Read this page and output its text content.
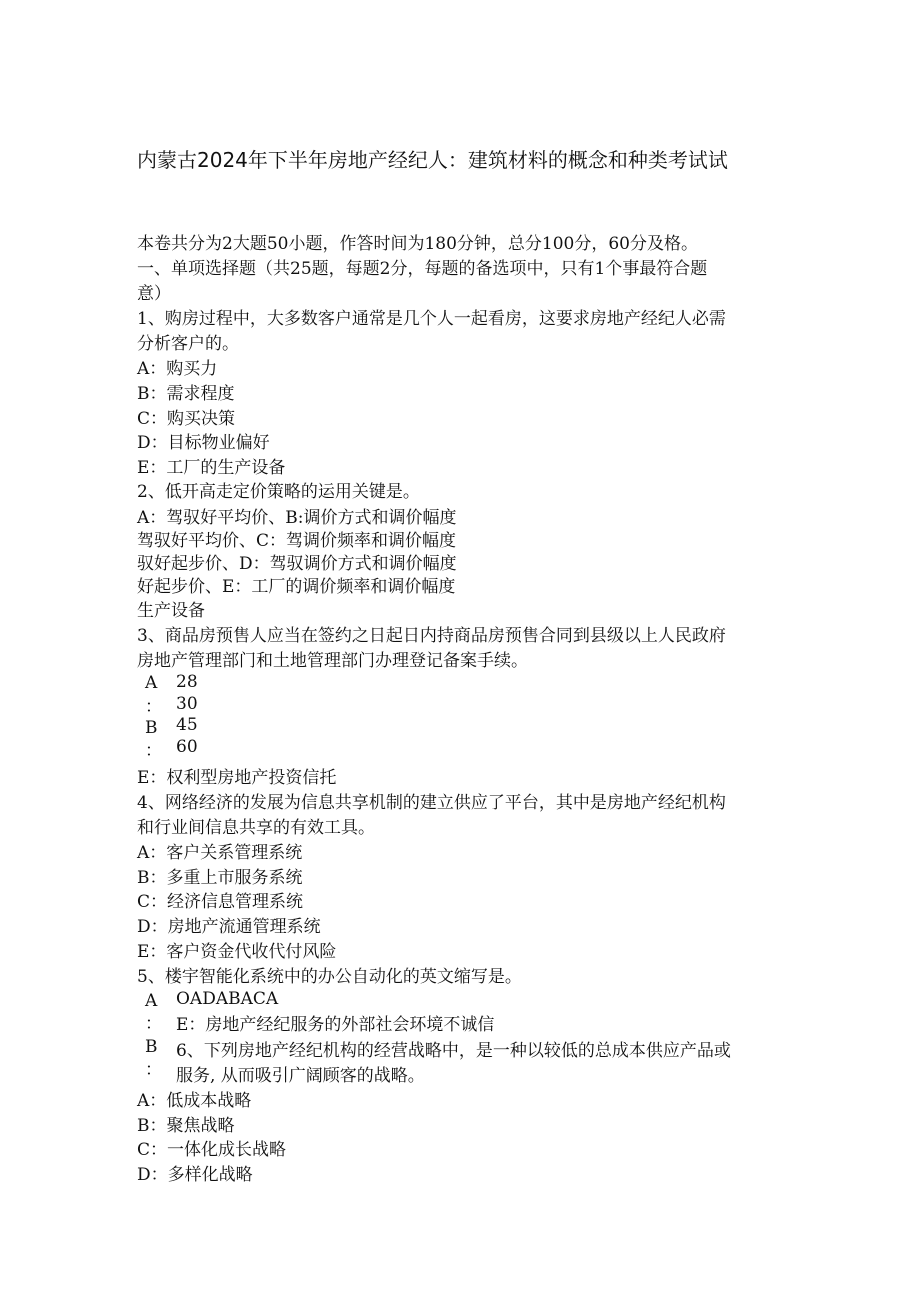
内蒙古2024年下半年房地产经纪人：建筑材料的概念和种类考试试
本卷共分为2大题50小题，作答时间为180分钟，总分100分，60分及格。
一、单项选择题（共25题，每题2分，每题的备选项中，只有1个事最符合题
意）
1、购房过程中，大多数客户通常是几个人一起看房，这要求房地产经纪人必需
分析客户的。
A：购买力
B：需求程度
C：购买决策
D：目标物业偏好
E：工厂的生产设备
2、低开高走定价策略的运用关键是。
A：驾驭好平均价、B:调价方式和调价幅度
驾驭好平均价、C：驾调价频率和调价幅度
驭好起步价、D：驾驭调价方式和调价幅度
好起步价、E：工厂的调价频率和调价幅度
生产设备
3、商品房预售人应当在签约之日起日内持商品房预售合同到县级以上人民政府
房地产管理部门和土地管理部门办理登记备案手续。
A
：
B
：
28
30
45
60
E：权利型房地产投资信托
4、网络经济的发展为信息共享机制的建立供应了平台，其中是房地产经纪机构
和行业间信息共享的有效工具。
A：客户关系管理系统
B：多重上市服务系统
C：经济信息管理系统
D：房地产流通管理系统
E：客户资金代收代付风险
5、楼宇智能化系统中的办公自动化的英文缩写是。
A
：
B
：
OADABACA
E：房地产经纪服务的外部社会环境不诚信
6、下列房地产经纪机构的经营战略中，是一种以较低的总成本供应产品或
服务, 从而吸引广阔顾客的战略。
A：低成本战略
B：聚焦战略
C：一体化成长战略
D：多样化战略
